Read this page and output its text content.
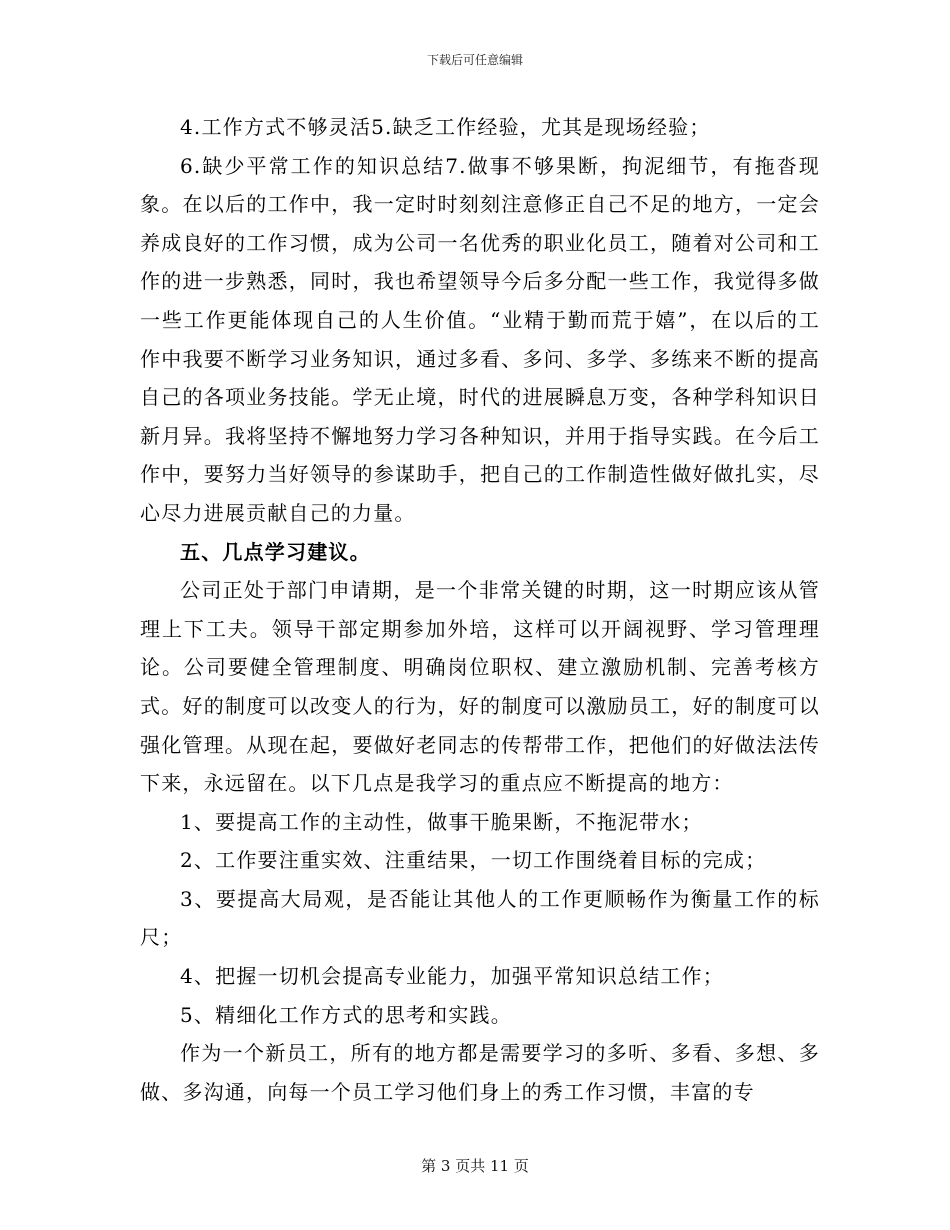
下载后可任意编辑

4.工作方式不够灵活5.缺乏工作经验，尤其是现场经验；

6.缺少平常工作的知识总结7.做事不够果断，拘泥细节，有拖沓现象。在以后的工作中，我一定时时刻刻注意修正自己不足的地方，一定会养成良好的工作习惯，成为公司一名优秀的职业化员工，随着对公司和工作的进一步熟悉，同时，我也希望领导今后多分配一些工作，我觉得多做一些工作更能体现自己的人生价值。“业精于勤而荒于嬉”，在以后的工作中我要不断学习业务知识，通过多看、多问、多学、多练来不断的提高自己的各项业务技能。学无止境，时代的进展瞬息万变，各种学科知识日新月异。我将坚持不懈地努力学习各种知识，并用于指导实践。在今后工作中，要努力当好领导的参谋助手，把自己的工作制造性做好做扎实，尽心尽力进展贡献自己的力量。

五、几点学习建议。

公司正处于部门申请期，是一个非常关键的时期，这一时期应该从管理上下工夫。领导干部定期参加外培，这样可以开阔视野、学习管理理论。公司要健全管理制度、明确岗位职权、建立激励机制、完善考核方式。好的制度可以改变人的行为，好的制度可以激励员工，好的制度可以强化管理。从现在起，要做好老同志的传帮带工作，把他们的好做法法传下来，永远留在。以下几点是我学习的重点应不断提高的地方：

1、要提高工作的主动性，做事干脆果断，不拖泥带水；

2、工作要注重实效、注重结果，一切工作围绕着目标的完成；

3、要提高大局观，是否能让其他人的工作更顺畅作为衡量工作的标尺；

4、把握一切机会提高专业能力，加强平常知识总结工作；

5、精细化工作方式的思考和实践。

作为一个新员工，所有的地方都是需要学习的多听、多看、多想、多做、多沟通，向每一个员工学习他们身上的秀工作习惯，丰富的专

第 3 页共 11 页
